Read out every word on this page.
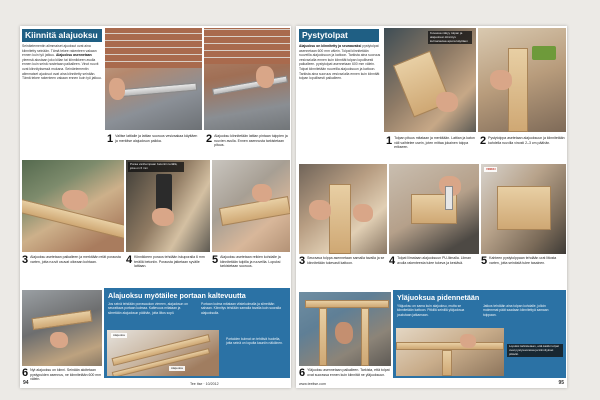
Kiinnitä alajuoksu
Seinäelementin alimmaiset ajuoksut ovat aina kiinnitetty seinään. Tämä tekee rakenteen vakaan ennen kuin työ jatkuu. Alajuoksu asennetaan yleensä alustaan joko kiilan tai kiinnikkeen avulla ennen kuin seinä nostetaan paikalleen. Vinot ruuvit ovat kiinnityksessä mukana. Seinäelementin alimmaiset ajuoksut ovat aina kiinnitetty seinään. Tämä tekee rakenteen vakaan ennen kuin työ jatkuu.
1 Valitse lattialle ja lattian suoruus vesivaakaa käyttäen ja merkitse alajuoksun paikka.	2 Alajuoksu kiinnitetään lattian pintaan tulppien ja ruuvien avulla. Ennen asennusta tarkistetaan pituus.
Poraa vanhempaan betoniin terällä, joka on 6 mm
3 Alajuoksu asetetaan paikalleen ja merkitään reiät porausta varten, jotta ruuvit osuvat oikeaan kohtaan.	4 Kiinnikkeen poraus tehdään iskuporalla 6 mm terällä betoniin. Porausta jatketaan syvälle lattiaan.
5 Alajuoksu asetetaan reikien kohdalle ja kiinnitetään tulpilla ja ruuveilla. Lopuksi tarkistetaan suoruus.
6 Nyt alajuoksu on kiinni. Seinään aloitetaan pystypuiden asennus, ne kiinnitetään 600 mm välein.
Alajuoksu myötäilee portaan kaltevuutta
Jos seinä tehdään porrasaukon viereen, alajuoksun on seurattava portaan kulmaa. Kaltevuus mitataan ja siirretään alajuoksun päähän, jotta liitos sopii.
Portaan kulma mitataan viistekulmalla ja siirretään sahaan. Kiinnitys tehdään samalla tavalla kuin suoralla alajuoksulla.
Alajuoksu
Alajuoksu
Portaiden kulmat on tehtävä huolella, jotta seinä on lopulta kauniin näköinen.
94	Tee itse · 10/2012
Pystytolpat
Alajuoksu on kiinnitetty ja seuraavaksi pystytolpat asennetaan 600 mm välein. Tolpat kiinnitetään ruuveilla alajuoksuun ja kattoon. Tarkista aina suoruus vesivaa'alla ennen kuin kiinnität tolpan lopullisesti paikalleen. pystytolpat asennetaan 600 mm välein. Tolpat kiinnitetään ruuveilla alajuoksuun ja kattoon. Tarkista aina suoruus vesivaa'alla ennen kuin kiinnität tolpan lopullisesti paikalleen.
Kuvassa näkyy tolpan ja alajuoksun kiinnitys kulmarautaa apuna käyttäen
1 Tolpan pituus mitataan ja merkitään. Lattian ja katon väli vaihtelee usein, joten mittaa jokainen tolppa erikseen.
2 Pystytolppa asetetaan alajuoksuun ja kiinnitetään kahdella ruuvilla vinosti 2–3 cm päähän.
VINKKI
3 Seuraava tolppa asennetaan samalla tavalla ja se kiinnitetään tukevasti kattoon.	4 Tolpat liimataan alajuoksuun PU-liimalla. Liiman avulla rakenteesta tulee tukeva ja kestävä.	5 Kahteen pystytolppaan tehdään urat liitosta varten, jotta seinästä tulee tasainen.
6 Yläjuoksu asennetaan paikalleen. Tarkista, että tolpat ovat suorassa ennen kuin kiinnität ne yläjuoksuun.
Yläjuoksua pidennetään
Yläjuoksu on sama kuin alajuoksu, mutta se kiinnitetään kattoon. Pitkillä seinillä yläjuoksua joudutaan jatkamaan.
Jatkos tehdään aina tolpan kohdalle, jolloin molemmat päät saadaan kiinnitettyä samaan tolppaan.
Lopuksi tarkistetaan, että kaikki tolpat ovat pystysuorassa ja kiinnitykset pitävät.
www.teeitse.com	95
